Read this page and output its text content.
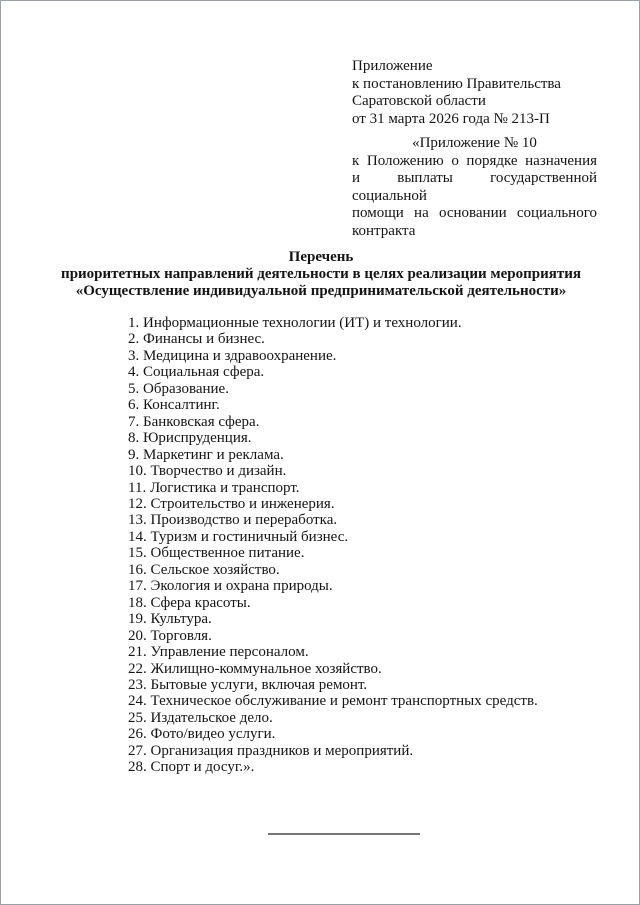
Приложение
к постановлению Правительства
Саратовской области
от 31 марта 2026 года № 213-П
«Приложение № 10
к Положению о порядке назначения
и выплаты государственной социальной
помощи на основании социального
контракта
Перечень
приоритетных направлений деятельности в целях реализации мероприятия
«Осуществление индивидуальной предпринимательской деятельности»
1. Информационные технологии (ИТ) и технологии.
2. Финансы и бизнес.
3. Медицина и здравоохранение.
4. Социальная сфера.
5. Образование.
6. Консалтинг.
7. Банковская сфера.
8. Юриспруденция.
9. Маркетинг и реклама.
10. Творчество и дизайн.
11. Логистика и транспорт.
12. Строительство и инженерия.
13. Производство и переработка.
14. Туризм и гостиничный бизнес.
15. Общественное питание.
16. Сельское хозяйство.
17. Экология и охрана природы.
18. Сфера красоты.
19. Культура.
20. Торговля.
21. Управление персоналом.
22. Жилищно-коммунальное хозяйство.
23. Бытовые услуги, включая ремонт.
24. Техническое обслуживание и ремонт транспортных средств.
25. Издательское дело.
26. Фото/видео услуги.
27. Организация праздников и мероприятий.
28. Спорт и досуг.».
